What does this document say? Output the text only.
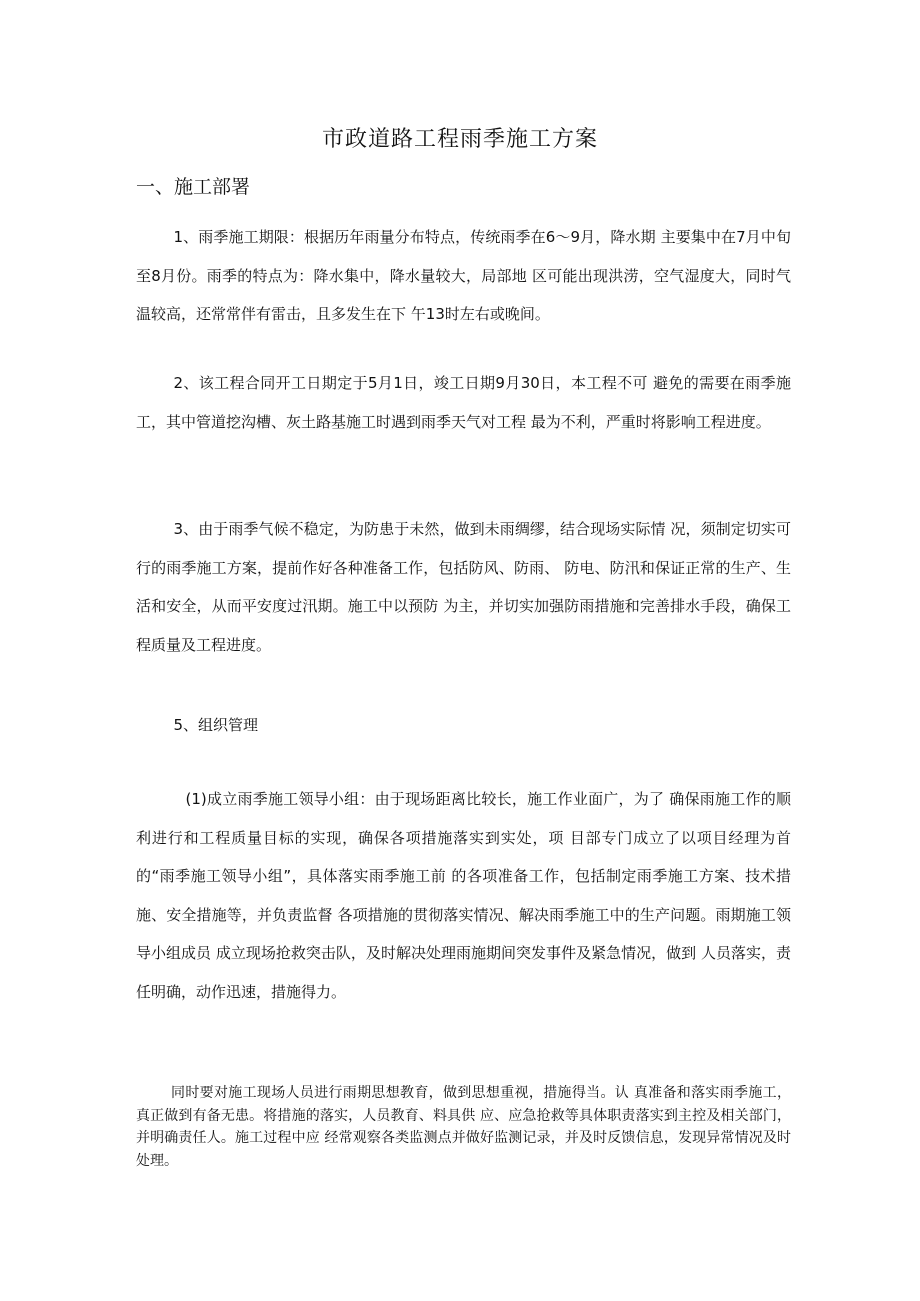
市政道路工程雨季施工方案
一、施工部署
1、雨季施工期限：根据历年雨量分布特点，传统雨季在6～9月，降水期 主要集中在7月中旬至8月份。雨季的特点为：降水集中，降水量较大，局部地 区可能出现洪涝，空气湿度大，同时气温较高，还常常伴有雷击，且多发生在下 午13时左右或晚间。
2、该工程合同开工日期定于5月1日，竣工日期9月30日，本工程不可 避免的需要在雨季施工，其中管道挖沟槽、灰土路基施工时遇到雨季天气对工程 最为不利，严重时将影响工程进度。
3、由于雨季气候不稳定，为防患于未然，做到未雨绸缪，结合现场实际情 况，须制定切实可行的雨季施工方案，提前作好各种准备工作，包括防风、防雨、 防电、防汛和保证正常的生产、生活和安全，从而平安度过汛期。施工中以预防 为主，并切实加强防雨措施和完善排水手段，确保工程质量及工程进度。
5、组织管理
(1)成立雨季施工领导小组：由于现场距离比较长，施工作业面广，为了 确保雨施工作的顺利进行和工程质量目标的实现，确保各项措施落实到实处，项 目部专门成立了以项目经理为首的“雨季施工领导小组”，具体落实雨季施工前 的各项准备工作，包括制定雨季施工方案、技术措施、安全措施等，并负责监督 各项措施的贯彻落实情况、解决雨季施工中的生产问题。雨期施工领导小组成员 成立现场抢救突击队，及时解决处理雨施期间突发事件及紧急情况，做到 人员落实，责任明确，动作迅速，措施得力。
同时要对施工现场人员进行雨期思想教育，做到思想重视，措施得当。认 真准备和落实雨季施工，真正做到有备无患。将措施的落实，人员教育、料具供 应、应急抢救等具体职责落实到主控及相关部门，并明确责任人。施工过程中应 经常观察各类监测点并做好监测记录，并及时反馈信息，发现异常情况及时处理。
